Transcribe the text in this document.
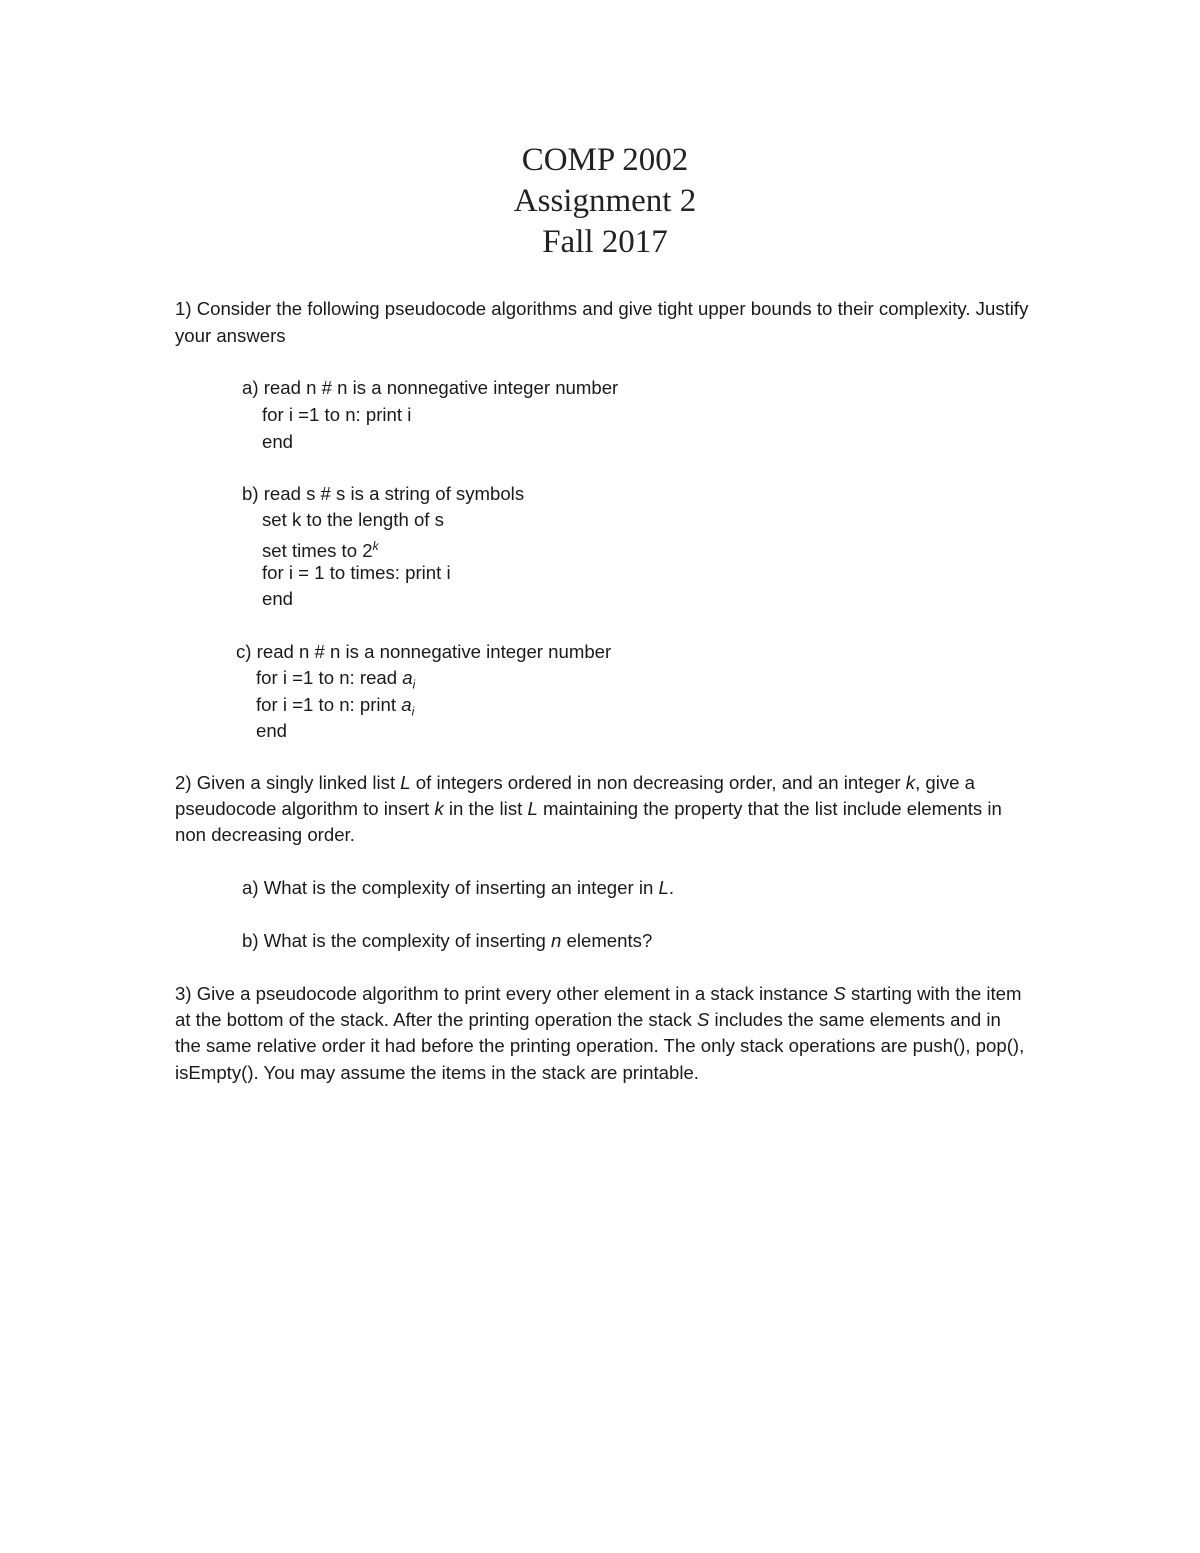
COMP 2002
Assignment 2
Fall 2017
1) Consider the following pseudocode algorithms and give tight upper bounds to their complexity. Justify
your answers
a) read n # n is a nonnegative integer number
for i =1 to n: print i
end
b) read s # s is a string of symbols
set k to the length of s
set times to 2$^k$
for i = 1 to times: print i
end
c) read n # n is a nonnegative integer number
for i =1 to n: read $a_i$
for i =1 to n: print $a_i$
end
2) Given a singly linked list L of integers ordered in non decreasing order, and an integer k, give a
pseudocode algorithm to insert k in the list L maintaining the property that the list include elements in
non decreasing order.
a) What is the complexity of inserting an integer in L.
b) What is the complexity of inserting n elements?
3) Give a pseudocode algorithm to print every other element in a stack instance S starting with the item
at the bottom of the stack. After the printing operation the stack S includes the same elements and in
the same relative order it had before the printing operation. The only stack operations are push(), pop(),
isEmpty(). You may assume the items in the stack are printable.
